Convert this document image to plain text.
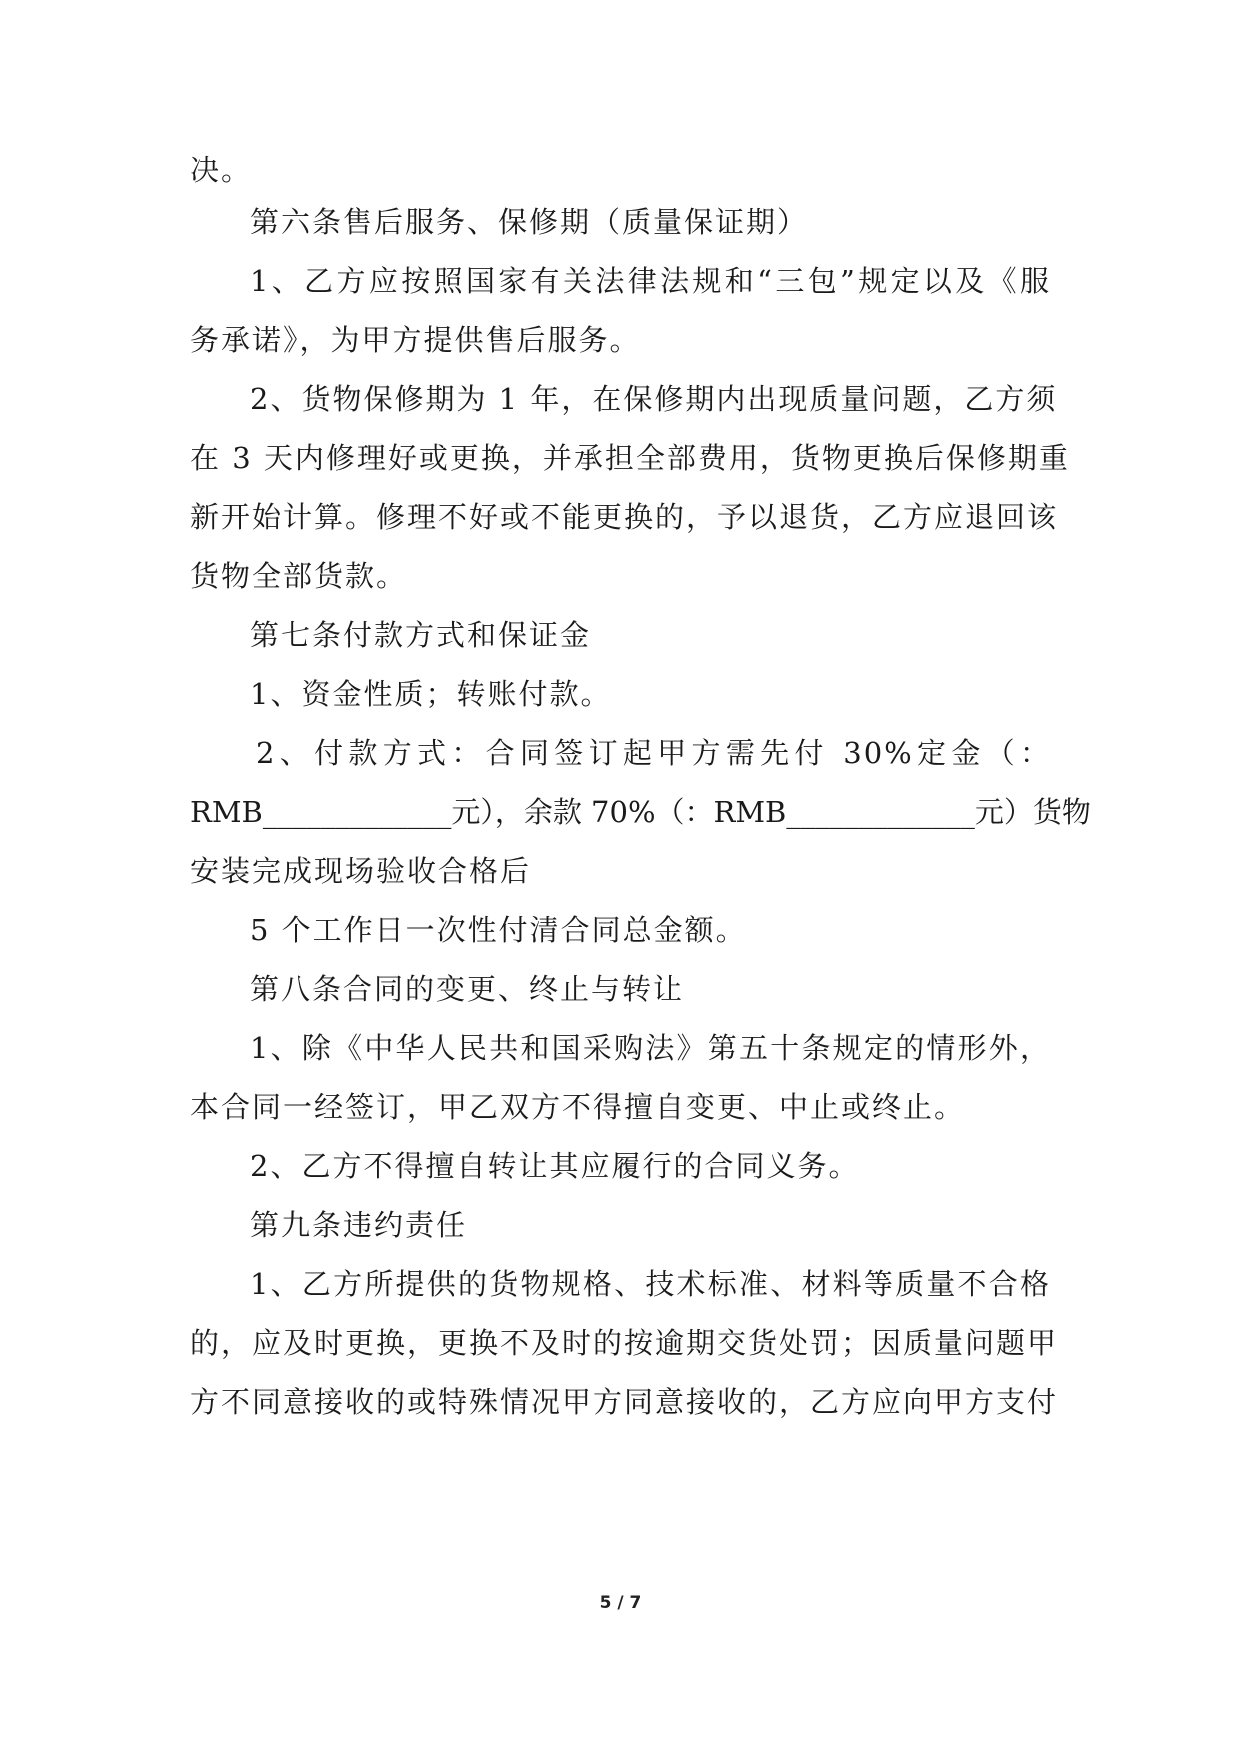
决。
第六条售后服务、保修期（质量保证期）
1、乙方应按照国家有关法律法规和“三包”规定以及《服
务承诺》，为甲方提供售后服务。
2、货物保修期为 1 年，在保修期内出现质量问题，乙方须
在 3 天内修理好或更换，并承担全部费用，货物更换后保修期重
新开始计算。修理不好或不能更换的，予以退货，乙方应退回该
货物全部货款。
第七条付款方式和保证金
1、资金性质；转账付款。
2、付款方式：合同签订起甲方需先付 30%定金（：
RMB_____________元），余款 70%（：RMB_____________元）货物
安装完成现场验收合格后
5 个工作日一次性付清合同总金额。
第八条合同的变更、终止与转让
1、除《中华人民共和国采购法》第五十条规定的情形外，
本合同一经签订，甲乙双方不得擅自变更、中止或终止。
2、乙方不得擅自转让其应履行的合同义务。
第九条违约责任
1、乙方所提供的货物规格、技术标准、材料等质量不合格
的，应及时更换，更换不及时的按逾期交货处罚；因质量问题甲
方不同意接收的或特殊情况甲方同意接收的，乙方应向甲方支付
5 / 7
